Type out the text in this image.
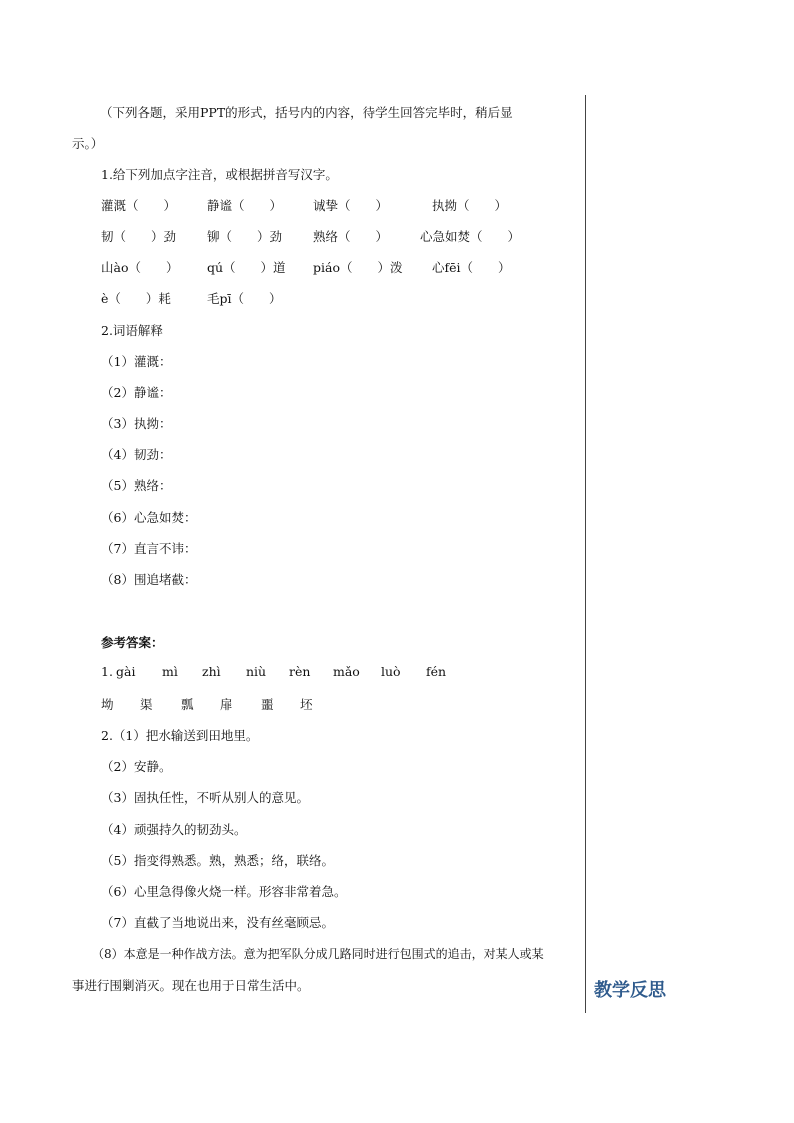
（下列各题，采用PPT的形式，括号内的内容，待学生回答完毕时，稍后显
示。）
1.给下列加点字注音，或根据拼音写汉字。
灌溉（　　） 静谧（　　） 诚挚（　　）	执拗（　　）
韧（　　）劲 铆（　　）劲 熟络（　　）	心急如焚（　　）
山ào（　　） qú（　　）道 piáo（　　）泼 心fēi（　　）
è（　　）耗	毛pī（　　）
2.词语解释
（1）灌溉：
（2）静谧：
（3）执拗：
（4）韧劲：
（5）熟络：
（6）心急如焚：
（7）直言不讳：
（8）围追堵截：
参考答案：
1. gài mì zhì niù rèn mǎo luò fén
坳 渠 瓢 扉 噩 坯
2.（1）把水输送到田地里。
（2）安静。
（3）固执任性，不听从别人的意见。
（4）顽强持久的韧劲头。
（5）指变得熟悉。熟，熟悉；络，联络。
（6）心里急得像火烧一样。形容非常着急。
（7）直截了当地说出来，没有丝毫顾忌。
（8）本意是一种作战方法。意为把军队分成几路同时进行包围式的追击，对某人或某
事进行围剿消灭。现在也用于日常生活中。	教学反思
